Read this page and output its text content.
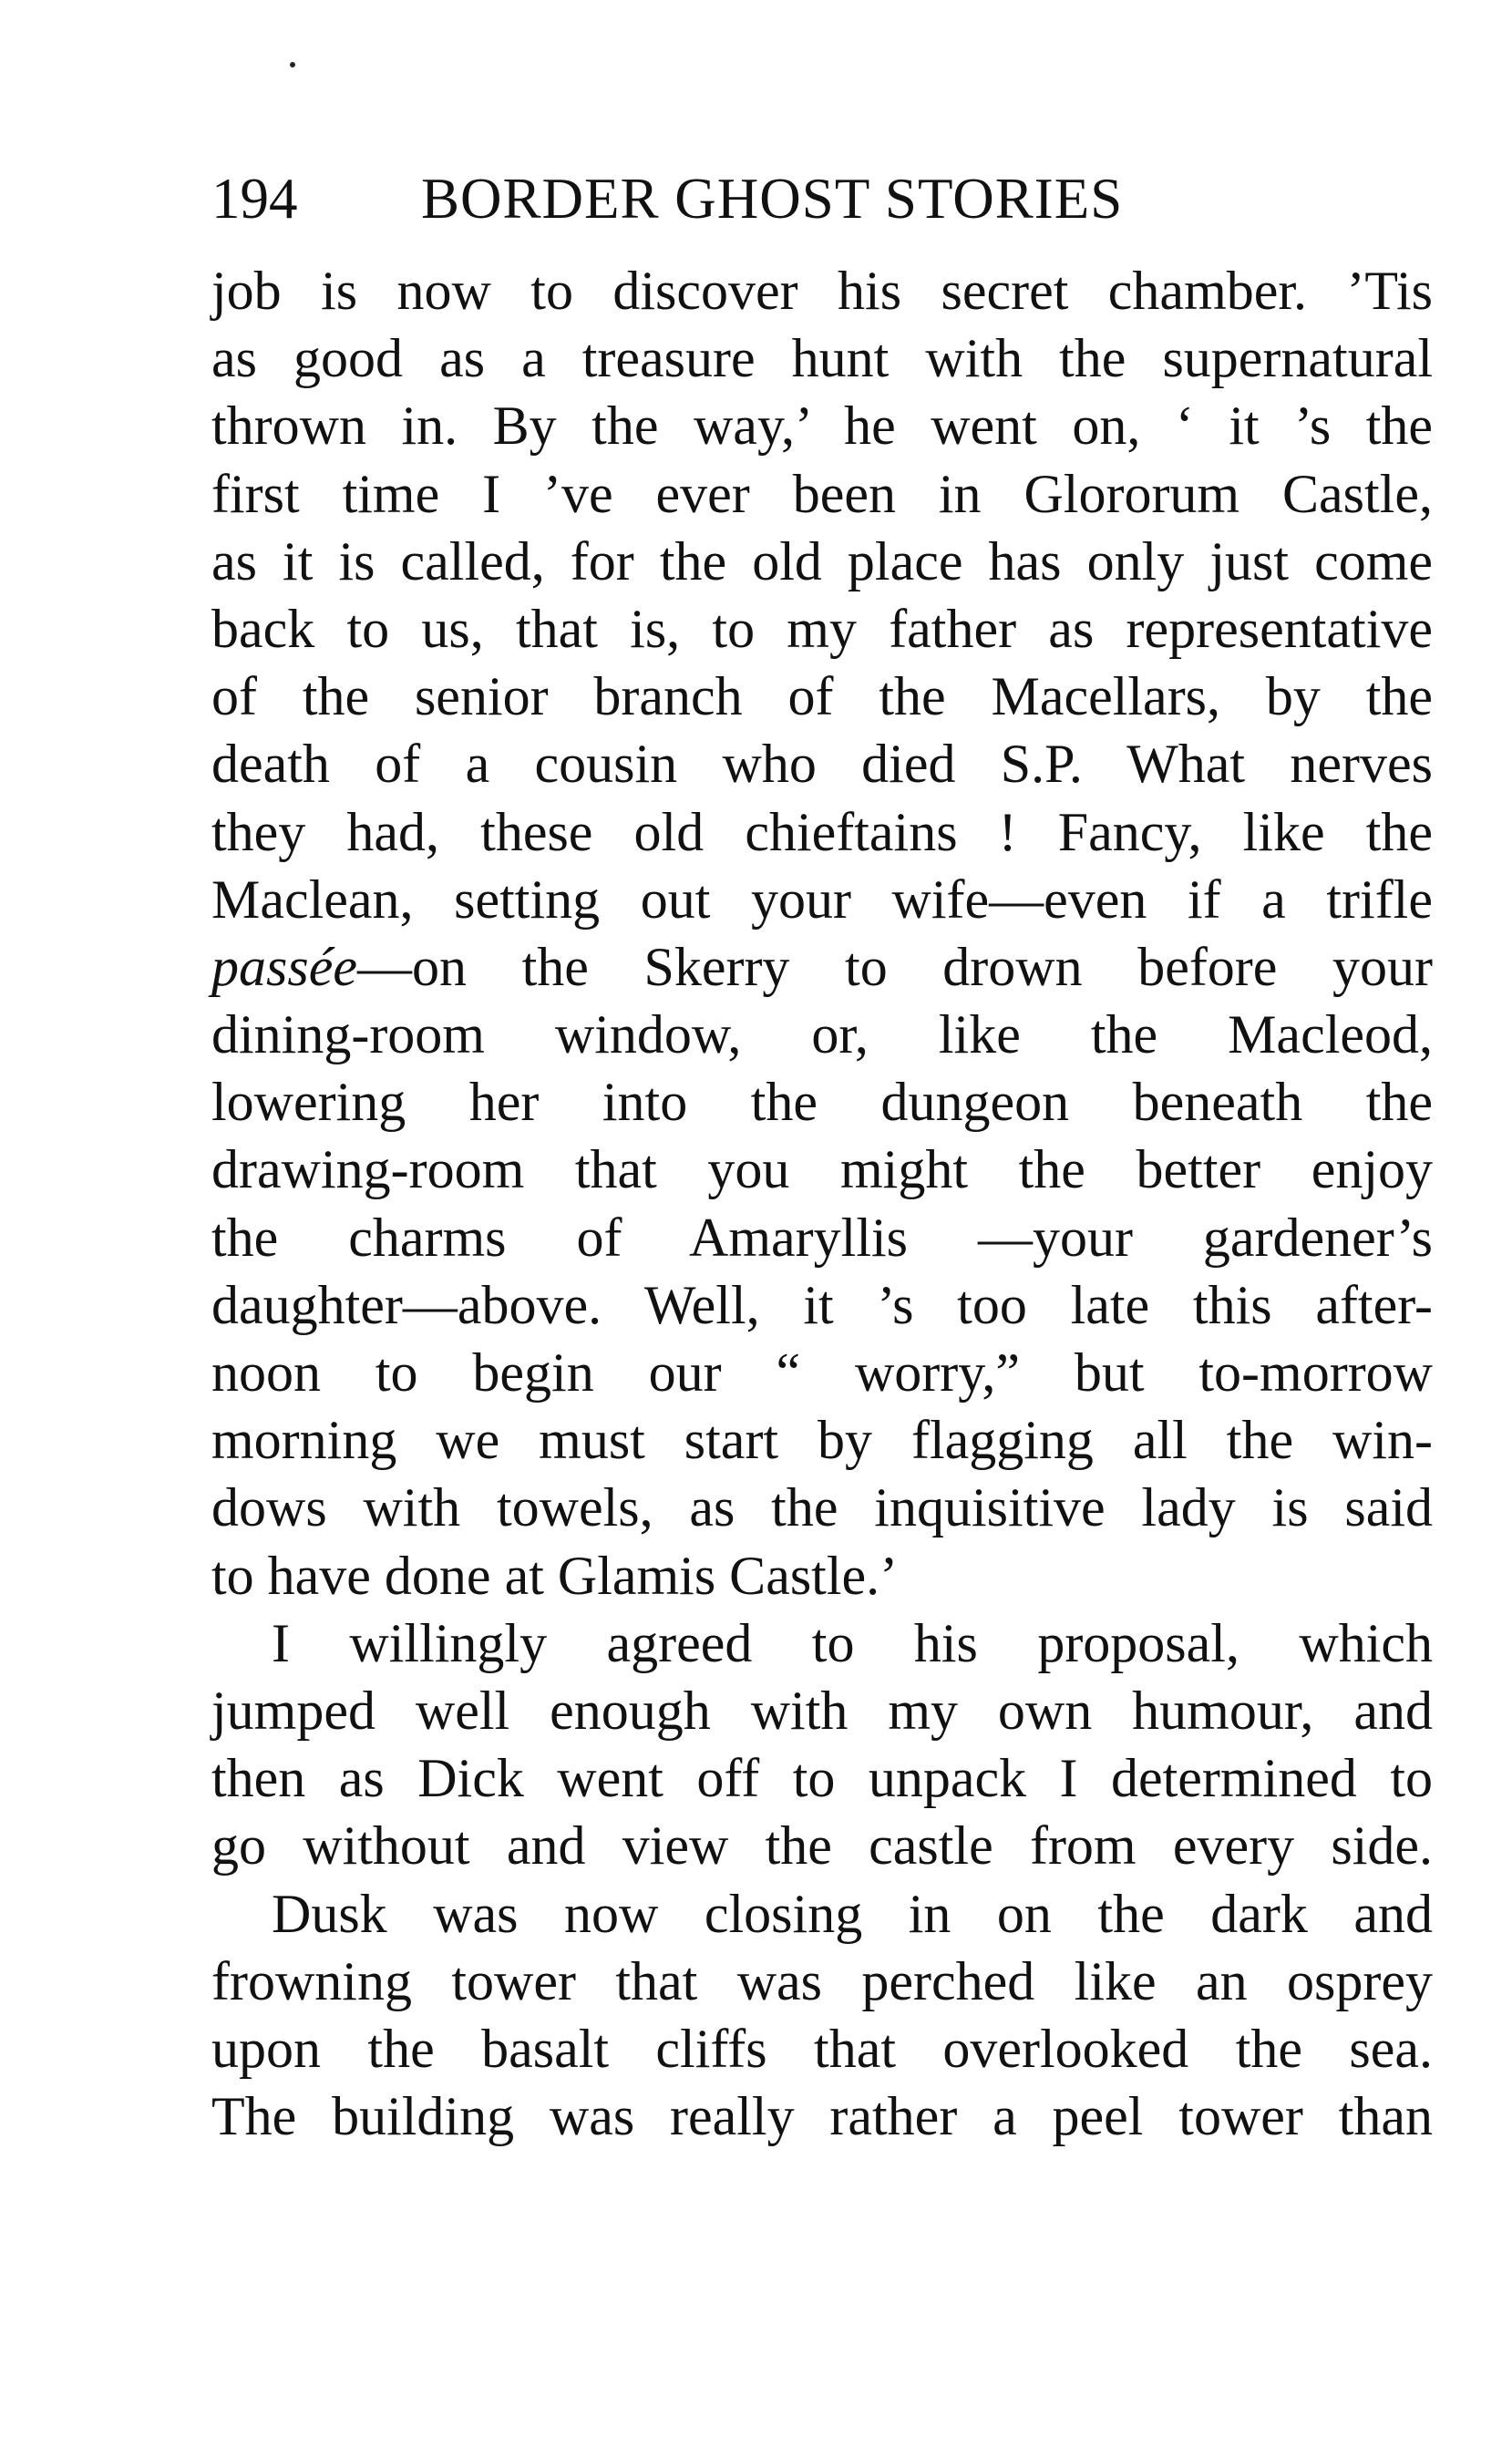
194 BORDER GHOST STORIES
job is now to discover his secret chamber. ’Tis
as good as a treasure hunt with the supernatural
thrown in. By the way,’ he went on, ‘ it ’s the
first time I ’ve ever been in Glororum Castle,
as it is called, for the old place has only just come
back to us, that is, to my father as representative
of the senior branch of the Macellars, by the
death of a cousin who died S.P. What nerves
they had, these old chieftains ! Fancy, like the
Maclean, setting out your wife—even if a trifle
passée—on the Skerry to drown before your
dining-room window, or, like the Macleod,
lowering her into the dungeon beneath the
drawing-room that you might the better enjoy
the charms of Amaryllis —your gardener’s
daughter—above. Well, it ’s too late this after-
noon to begin our “ worry,” but to-morrow
morning we must start by flagging all the win-
dows with towels, as the inquisitive lady is said
to have done at Glamis Castle.’
I willingly agreed to his proposal, which
jumped well enough with my own humour, and
then as Dick went off to unpack I determined to
go without and view the castle from every side.
Dusk was now closing in on the dark and
frowning tower that was perched like an osprey
upon the basalt cliffs that overlooked the sea.
The building was really rather a peel tower than
